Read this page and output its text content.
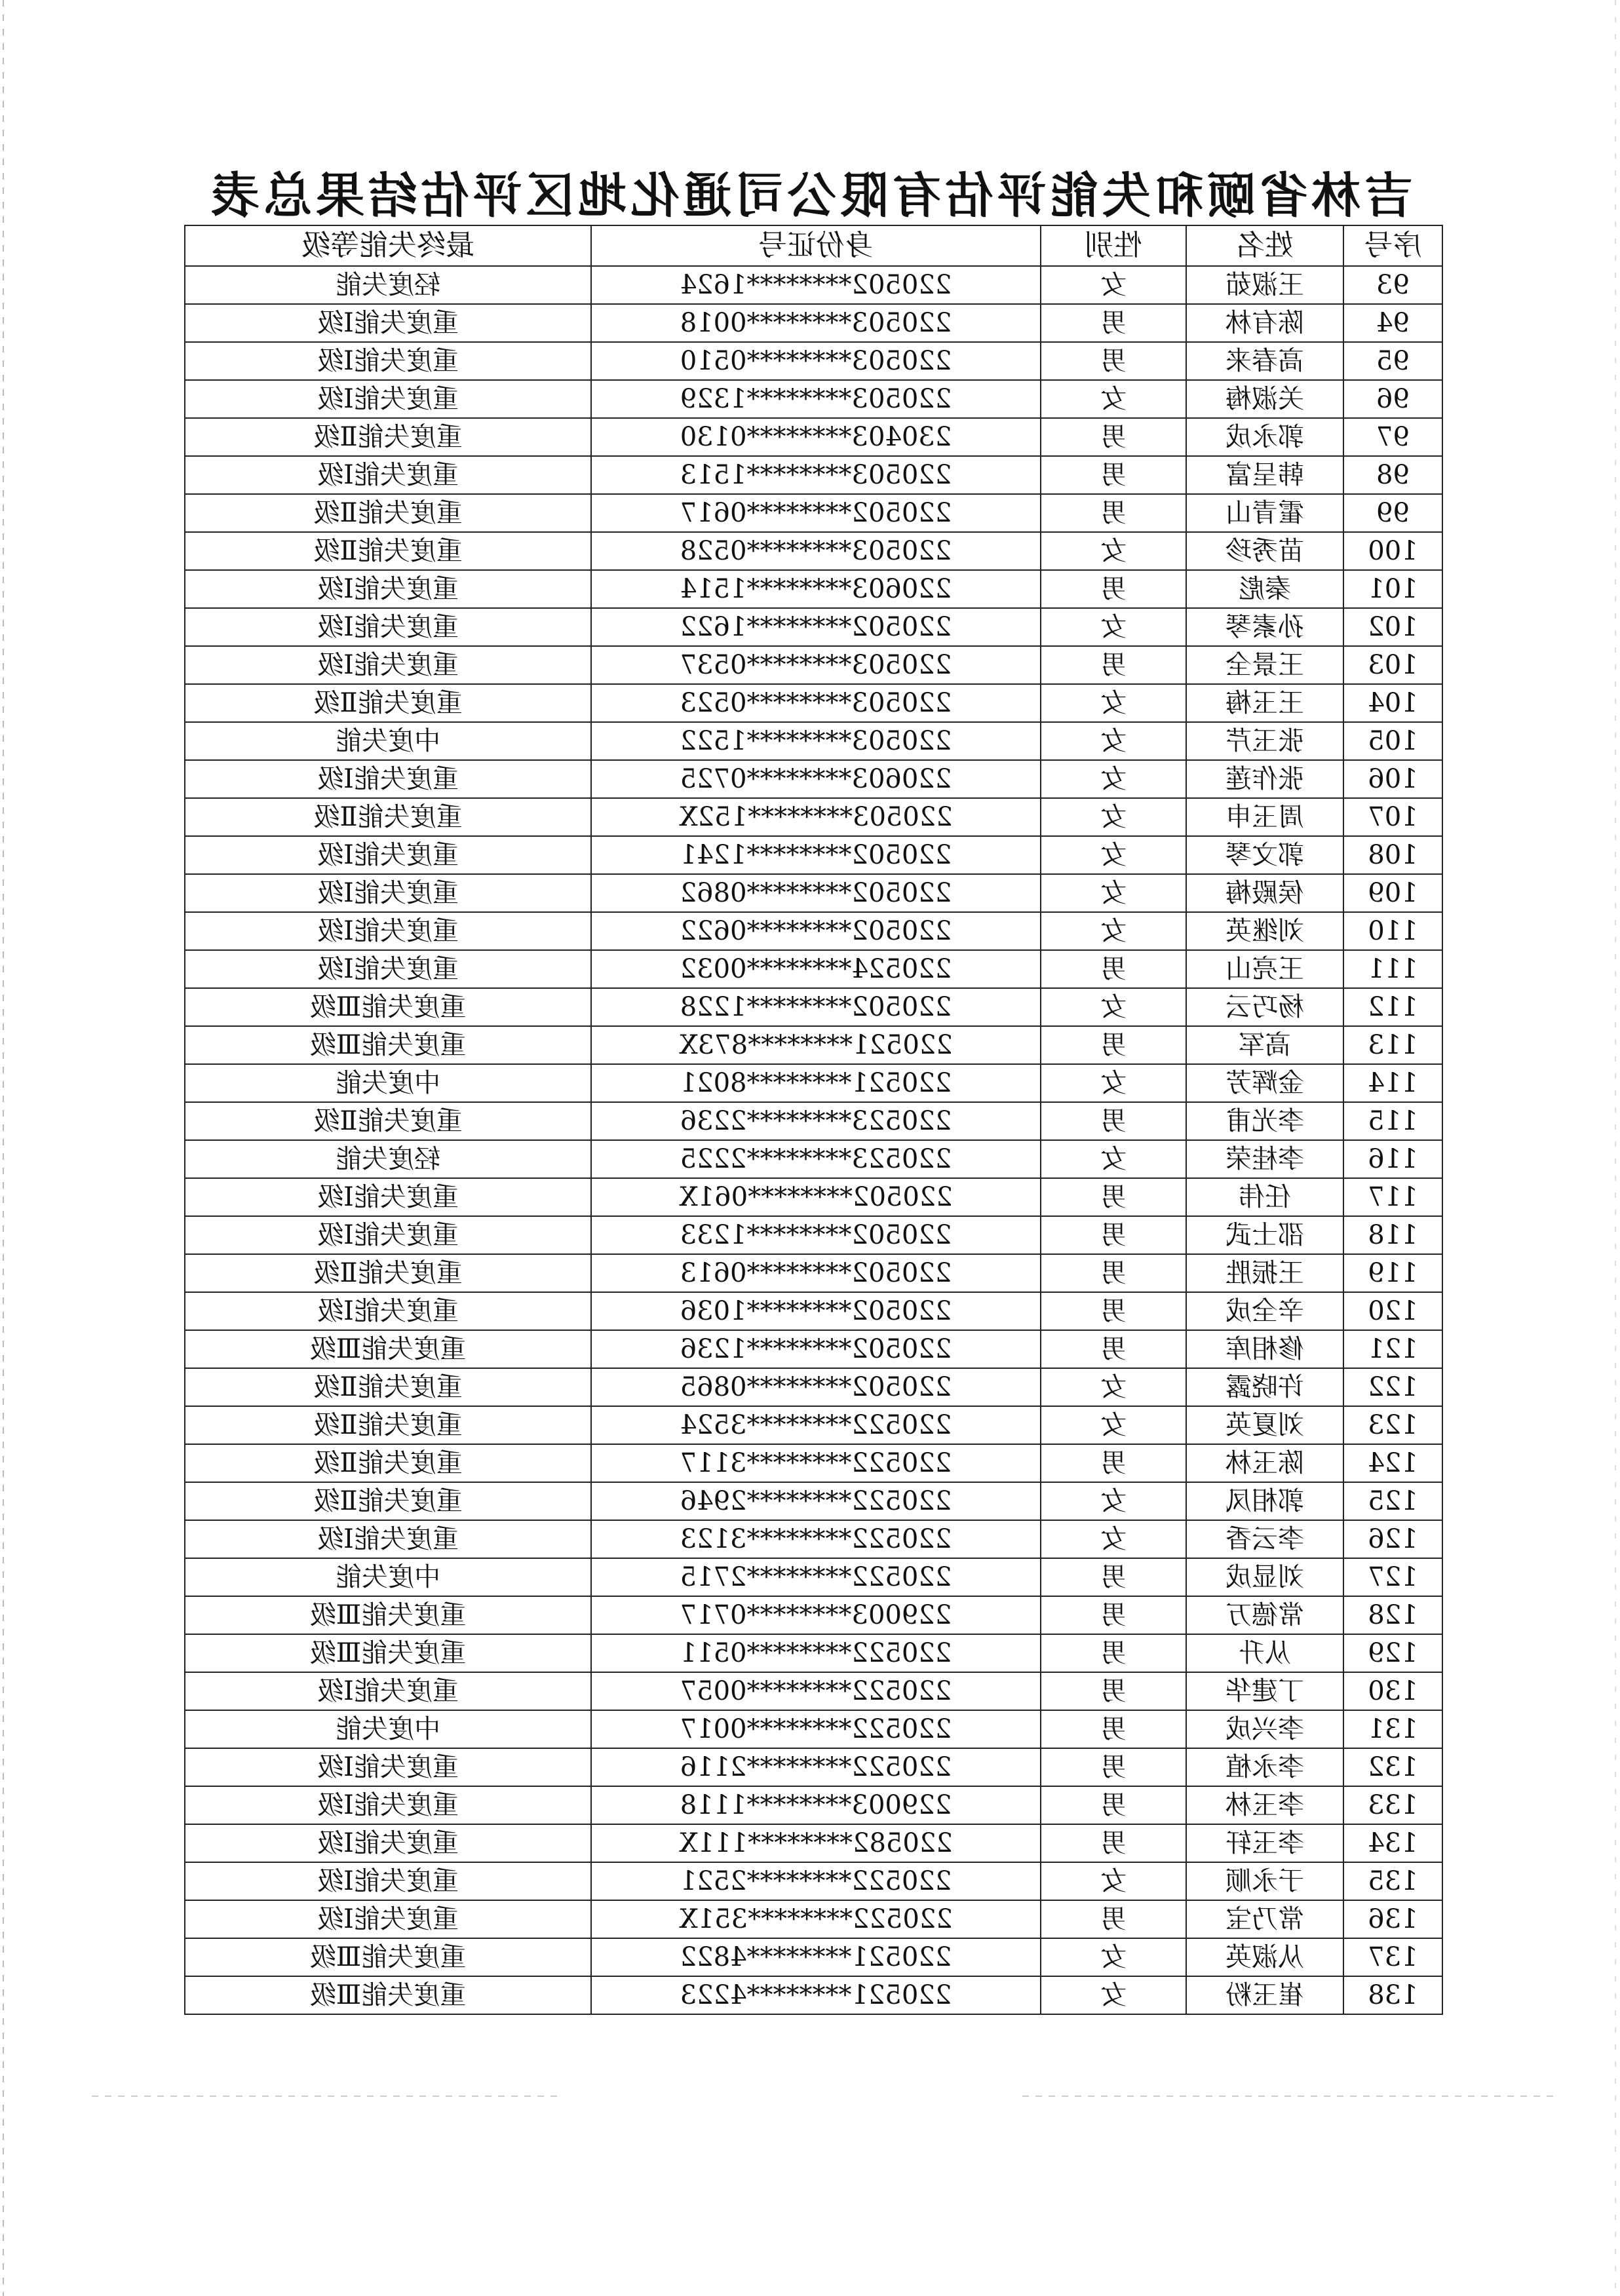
吉林省颐和失能评估有限公司通化地区评估结果总表
序号	姓名	性别	身份证号	最终失能等级
93	王淑茹	女	220502********1624	轻度失能
94	陈有林	男	220503********0018	重度失能Ⅰ级
95	高春来	男	220503********0510	重度失能Ⅰ级
96	关淑梅	女	220503********1329	重度失能Ⅰ级
97	郭永成	男	230403********0130	重度失能Ⅱ级
98	韩呈富	男	220503********1513	重度失能Ⅰ级
99	霍青山	男	220502********0617	重度失能Ⅱ级
100	苗秀珍	女	220503********0528	重度失能Ⅱ级
101	秦彪	男	220603********1514	重度失能Ⅰ级
102	孙素琴	女	220502********1622	重度失能Ⅰ级
103	王景全	男	220503********0537	重度失能Ⅰ级
104	王玉梅	女	220503********0523	重度失能Ⅱ级
105	张玉芹	女	220503********1522	中度失能
106	张作莲	女	220603********0725	重度失能Ⅰ级
107	周玉申	女	220503********152X	重度失能Ⅱ级
108	郭文琴	女	220502********1241	重度失能Ⅰ级
109	侯殿梅	女	220502********0862	重度失能Ⅰ级
110	刘继英	女	220502********0622	重度失能Ⅰ级
111	王亮山	男	220524********0032	重度失能Ⅰ级
112	杨巧云	女	220502********1228	重度失能Ⅲ级
113	高军	男	220521********873X	重度失能Ⅲ级
114	金辉芳	女	220521********8021	中度失能
115	李光甫	男	220523********2236	重度失能Ⅱ级
116	李桂荣	女	220523********2225	轻度失能
117	任伟	男	220502********061X	重度失能Ⅰ级
118	邵士武	男	220502********1233	重度失能Ⅰ级
119	王振胜	男	220502********0613	重度失能Ⅱ级
120	辛全成	男	220502********1036	重度失能Ⅰ级
121	修相库	男	220502********1236	重度失能Ⅲ级
122	许晓露	女	220502********0865	重度失能Ⅱ级
123	刘夏英	女	220522********3524	重度失能Ⅱ级
124	陈玉林	男	220522********3117	重度失能Ⅱ级
125	郭相凤	女	220522********2946	重度失能Ⅱ级
126	李云香	女	220522********3123	重度失能Ⅰ级
127	刘显成	男	220522********2715	中度失能
128	常德万	男	229003********0717	重度失能Ⅲ级
129	从升	男	220522********0511	重度失能Ⅲ级
130	丁建华	男	220522********0057	重度失能Ⅰ级
131	李兴成	男	220522********0017	中度失能
132	李永植	男	220522********2116	重度失能Ⅰ级
133	李玉林	男	229003********1118	重度失能Ⅰ级
134	李玉轩	男	220582********111X	重度失能Ⅰ级
135	于永顺	女	220522********2521	重度失能Ⅰ级
136	常乃宝	男	220522********351X	重度失能Ⅰ级
137	从淑英	女	220521********4822	重度失能Ⅲ级
138	崔玉粉	女	220521********4223	重度失能Ⅲ级
